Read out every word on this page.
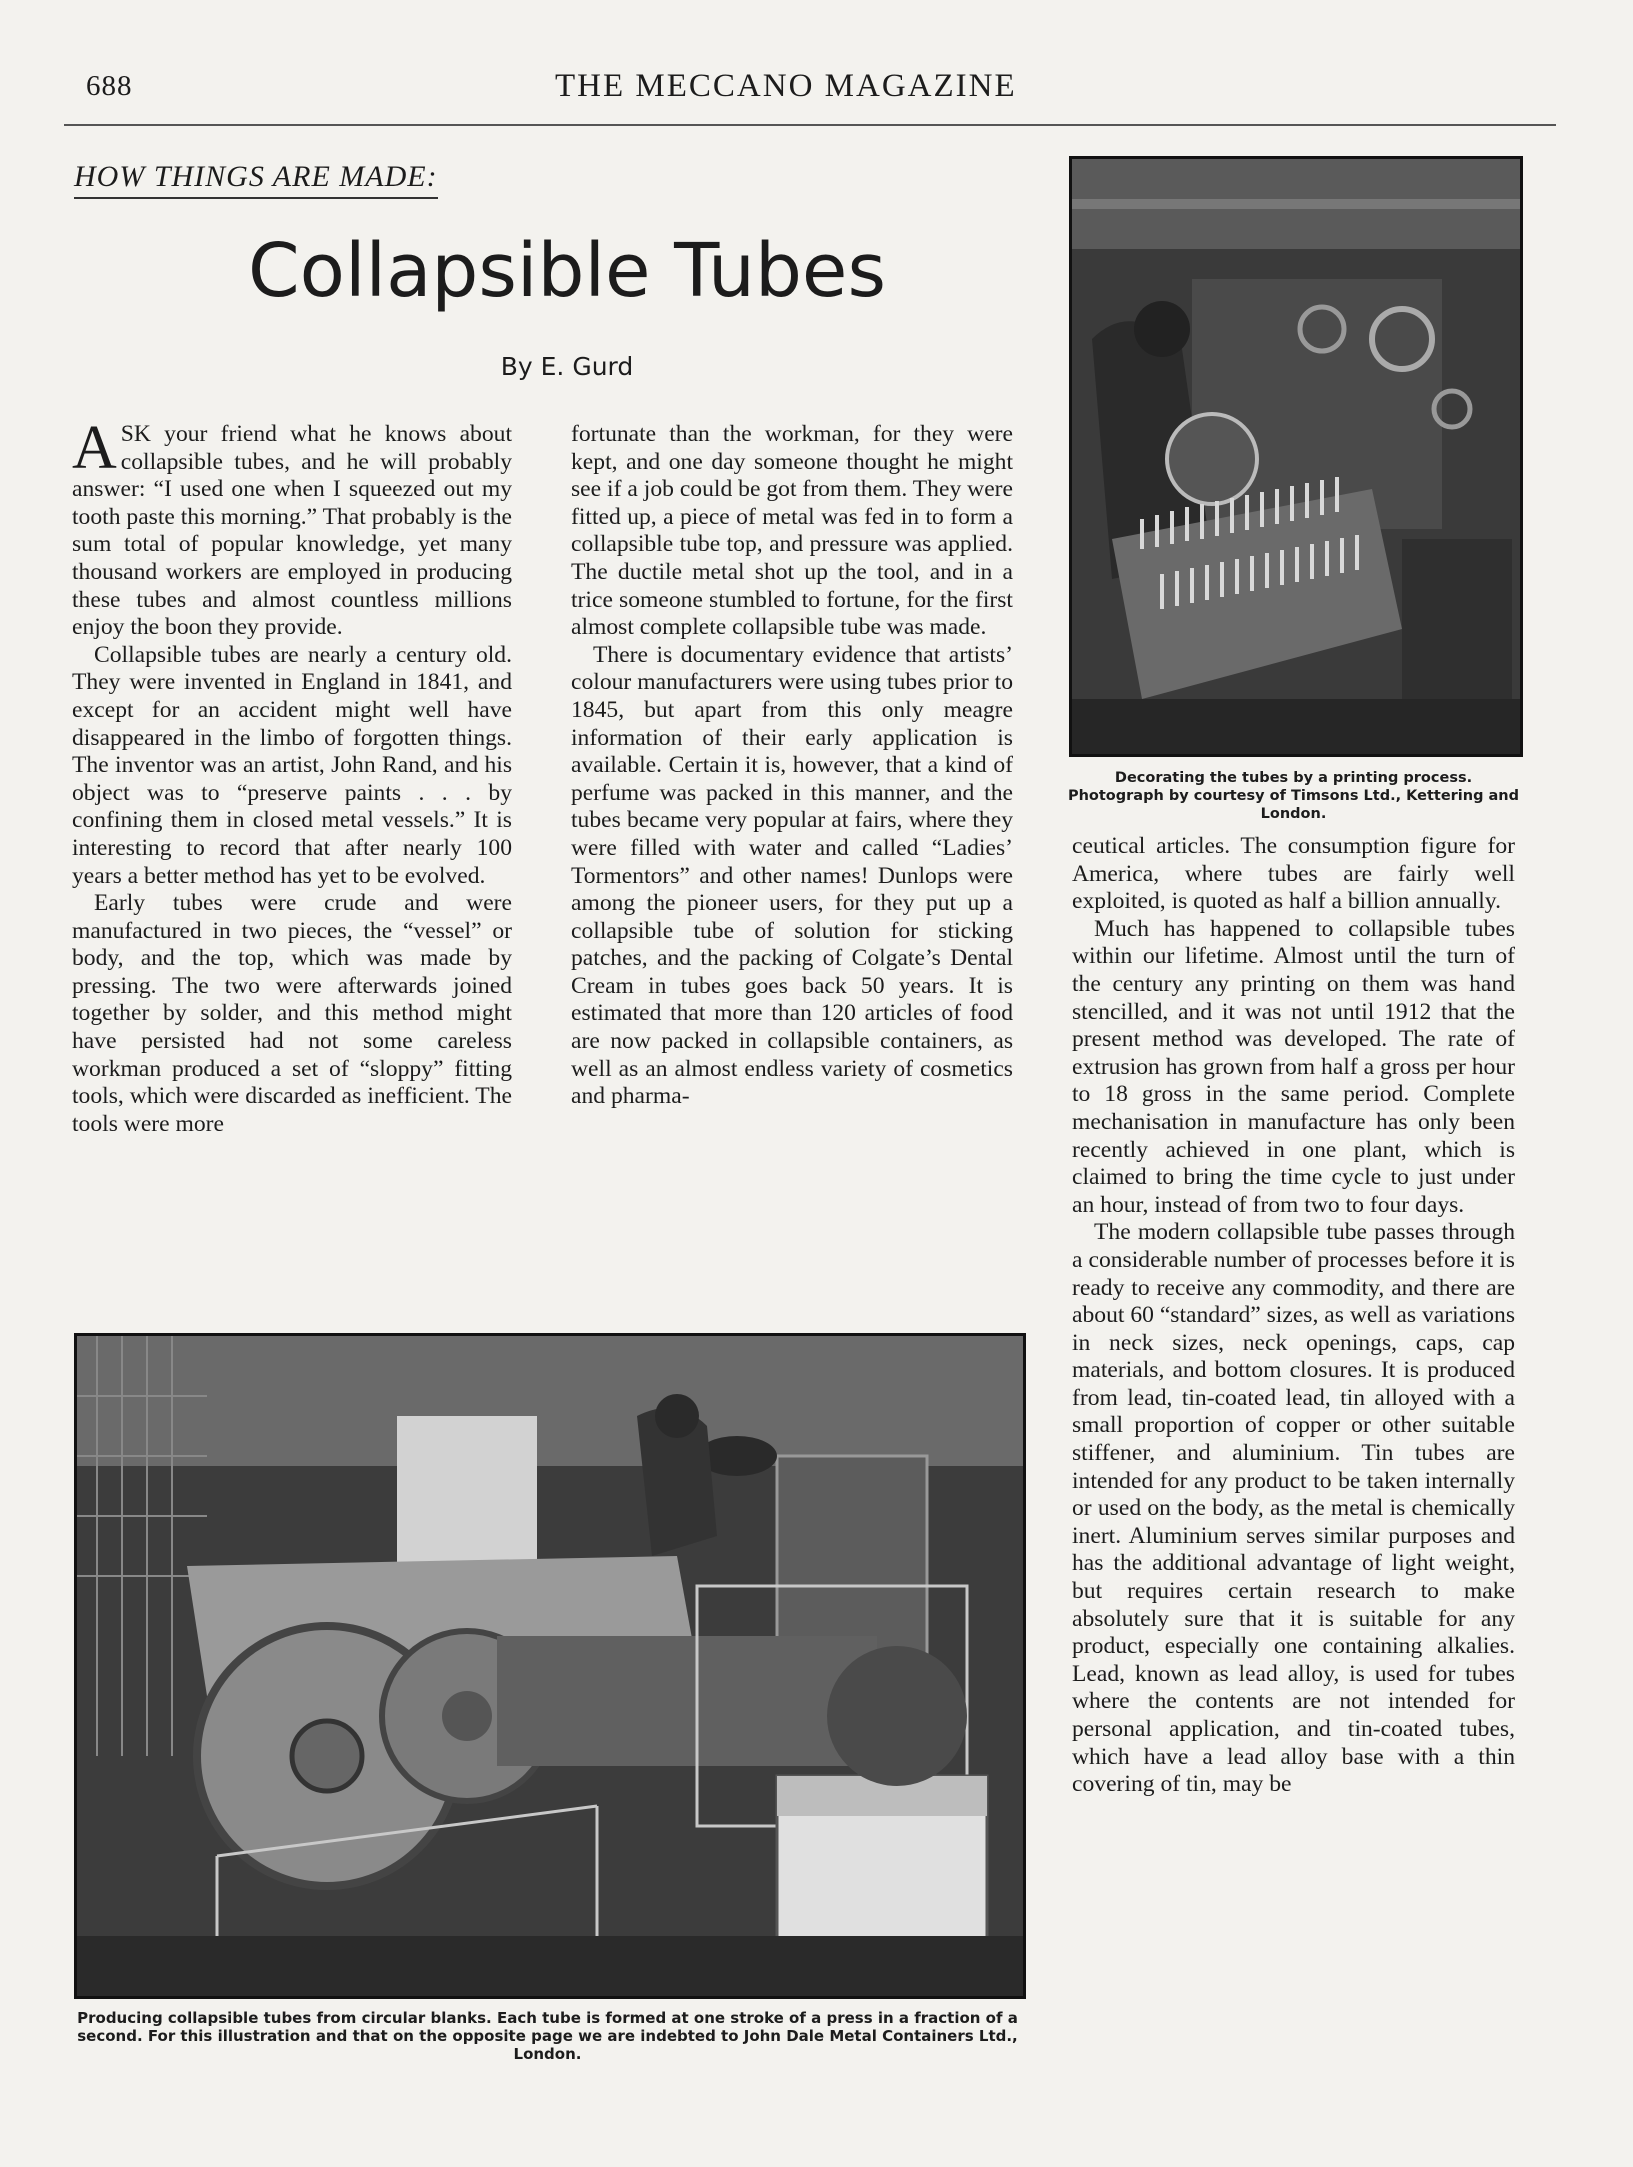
688	THE MECCANO MAGAZINE
HOW THINGS ARE MADE:
Collapsible Tubes
By E. Gurd

ASK your friend what he knows about collapsible tubes, and he will probably answer: “I used one when I squeezed out my tooth paste this morning.” That probably is the sum total of popular knowledge, yet many thousand workers are employed in producing these tubes and almost countless millions enjoy the boon they provide.

Collapsible tubes are nearly a century old. They were invented in England in 1841, and except for an accident might well have disappeared in the limbo of forgotten things. The inventor was an artist, John Rand, and his object was to “preserve paints . . . by confining them in closed metal vessels.” It is interesting to record that after nearly 100 years a better method has yet to be evolved.

Early tubes were crude and were manufactured in two pieces, the “vessel” or body, and the top, which was made by pressing. The two were afterwards joined together by solder, and this method might have persisted had not some careless workman produced a set of “sloppy” fitting tools, which were discarded as inefficient. The tools were more

fortunate than the workman, for they were kept, and one day someone thought he might see if a job could be got from them. They were fitted up, a piece of metal was fed in to form a collapsible tube top, and pressure was applied. The ductile metal shot up the tool, and in a trice someone stumbled to fortune, for the first almost complete collapsible tube was made.

There is documentary evidence that artists’ colour manufacturers were using tubes prior to 1845, but apart from this only meagre information of their early application is available. Certain it is, however, that a kind of perfume was packed in this manner, and the tubes became very popular at fairs, where they were filled with water and called “Ladies’ Tormentors” and other names! Dunlops were among the pioneer users, for they put up a collapsible tube of solution for sticking patches, and the packing of Colgate’s Dental Cream in tubes goes back 50 years. It is estimated that more than 120 articles of food are now packed in collapsible containers, as well as an almost endless variety of cosmetics and pharma-

Decorating the tubes by a printing process. Photograph by courtesy of Timsons Ltd., Kettering and London.

ceutical articles. The consumption figure for America, where tubes are fairly well exploited, is quoted as half a billion annually.

Much has happened to collapsible tubes within our lifetime. Almost until the turn of the century any printing on them was hand stencilled, and it was not until 1912 that the present method was developed. The rate of extrusion has grown from half a gross per hour to 18 gross in the same period. Complete mechanisation in manufacture has only been recently achieved in one plant, which is claimed to bring the time cycle to just under an hour, instead of from two to four days.

The modern collapsible tube passes through a considerable number of processes before it is ready to receive any commodity, and there are about 60 “standard” sizes, as well as variations in neck sizes, neck openings, caps, cap materials, and bottom closures. It is produced from lead, tin-coated lead, tin alloyed with a small proportion of copper or other suitable stiffener, and aluminium. Tin tubes are intended for any product to be taken internally or used on the body, as the metal is chemically inert. Aluminium serves similar purposes and has the additional advantage of light weight, but requires certain research to make absolutely sure that it is suitable for any product, especially one containing alkalies. Lead, known as lead alloy, is used for tubes where the contents are not intended for personal application, and tin-coated tubes, which have a lead alloy base with a thin covering of tin, may be

Producing collapsible tubes from circular blanks. Each tube is formed at one stroke of a press in a fraction of a second. For this illustration and that on the opposite page we are indebted to John Dale Metal Containers Ltd., London.
